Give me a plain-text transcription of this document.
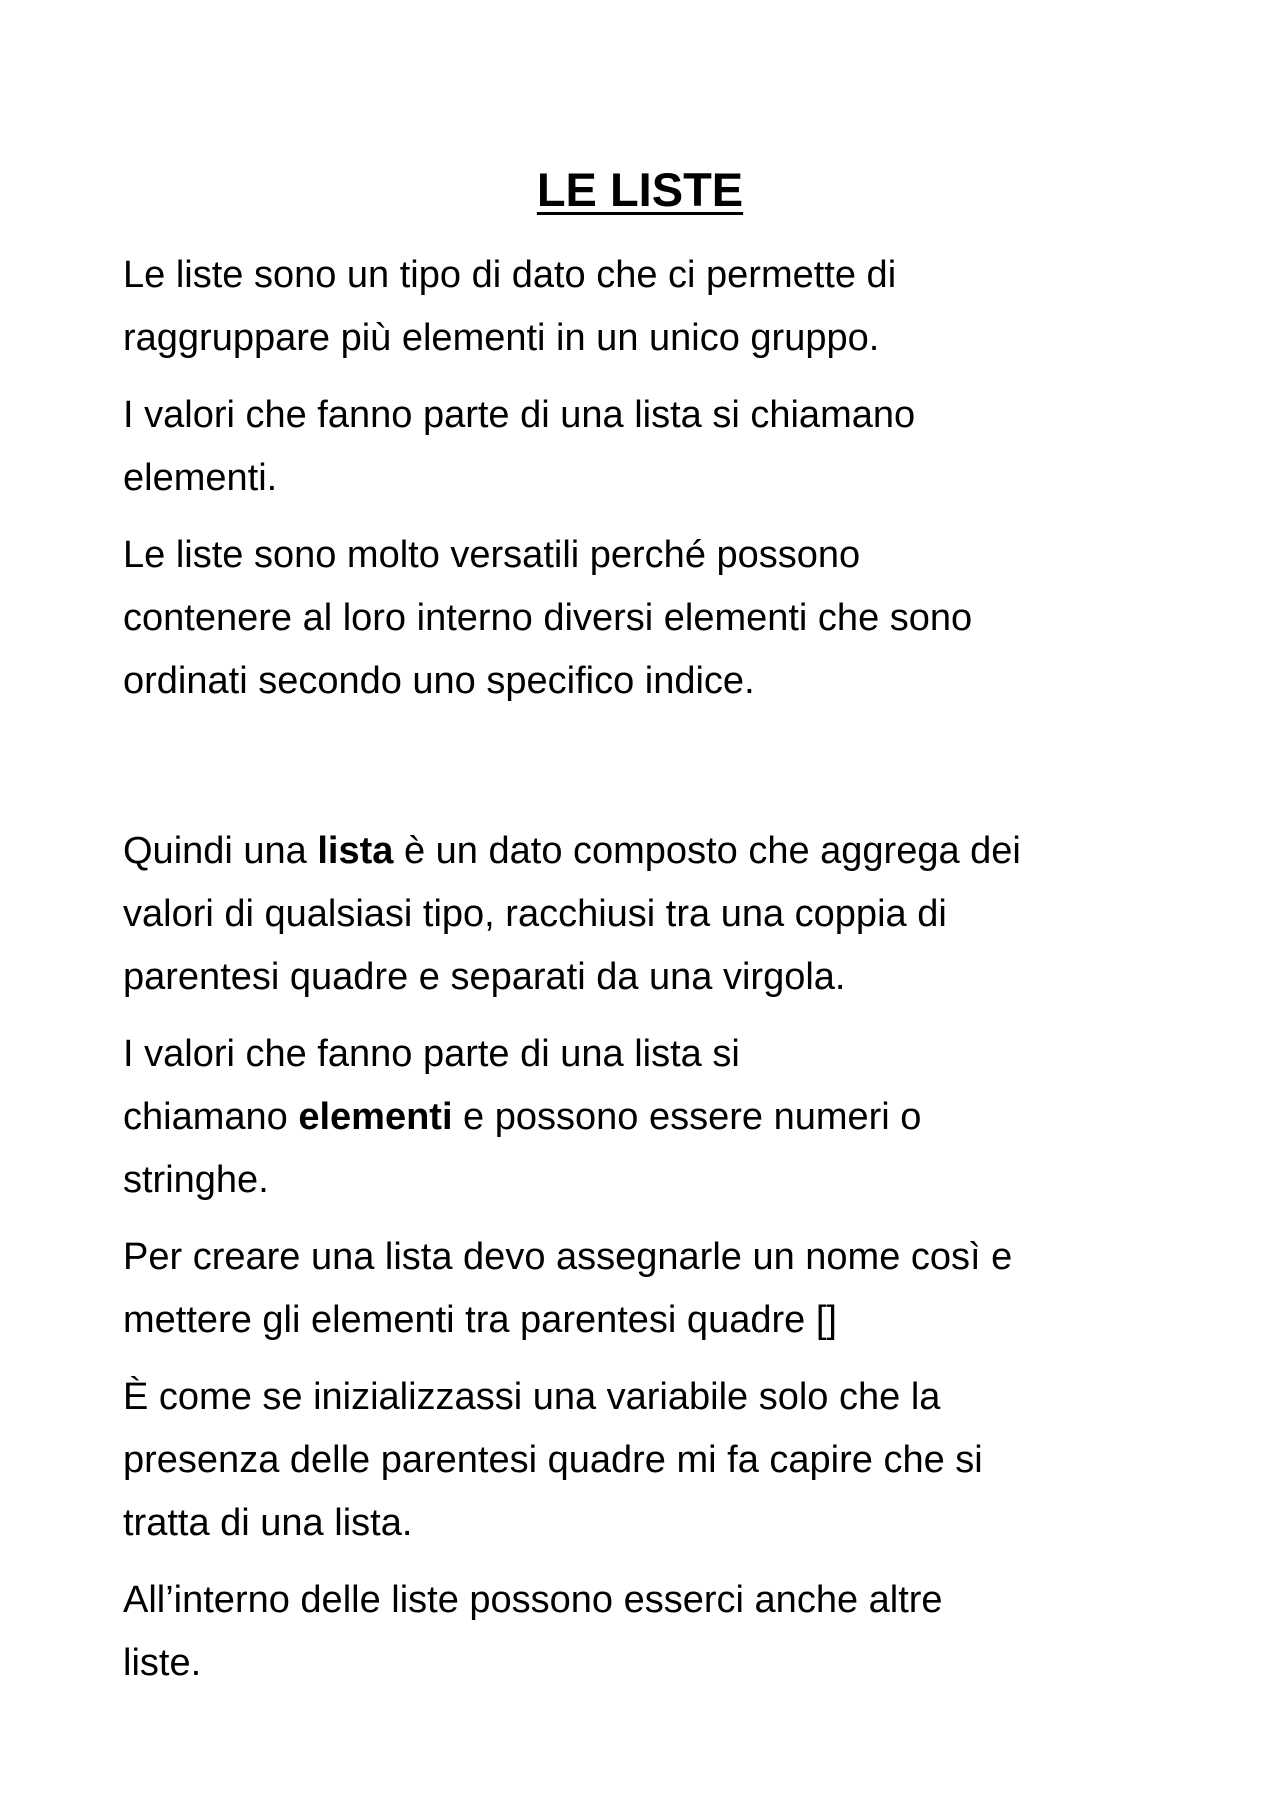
LE LISTE

Le liste sono un tipo di dato che ci permette di
raggruppare più elementi in un unico gruppo.

I valori che fanno parte di una lista si chiamano
elementi.

Le liste sono molto versatili perché possono
contenere al loro interno diversi elementi che sono
ordinati secondo uno specifico indice.

Quindi una lista è un dato composto che aggrega dei
valori di qualsiasi tipo, racchiusi tra una coppia di
parentesi quadre e separati da una virgola.

I valori che fanno parte di una lista si
chiamano elementi e possono essere numeri o
stringhe.

Per creare una lista devo assegnarle un nome così e
mettere gli elementi tra parentesi quadre []

È come se inizializzassi una variabile solo che la
presenza delle parentesi quadre mi fa capire che si
tratta di una lista.

All’interno delle liste possono esserci anche altre
liste.
